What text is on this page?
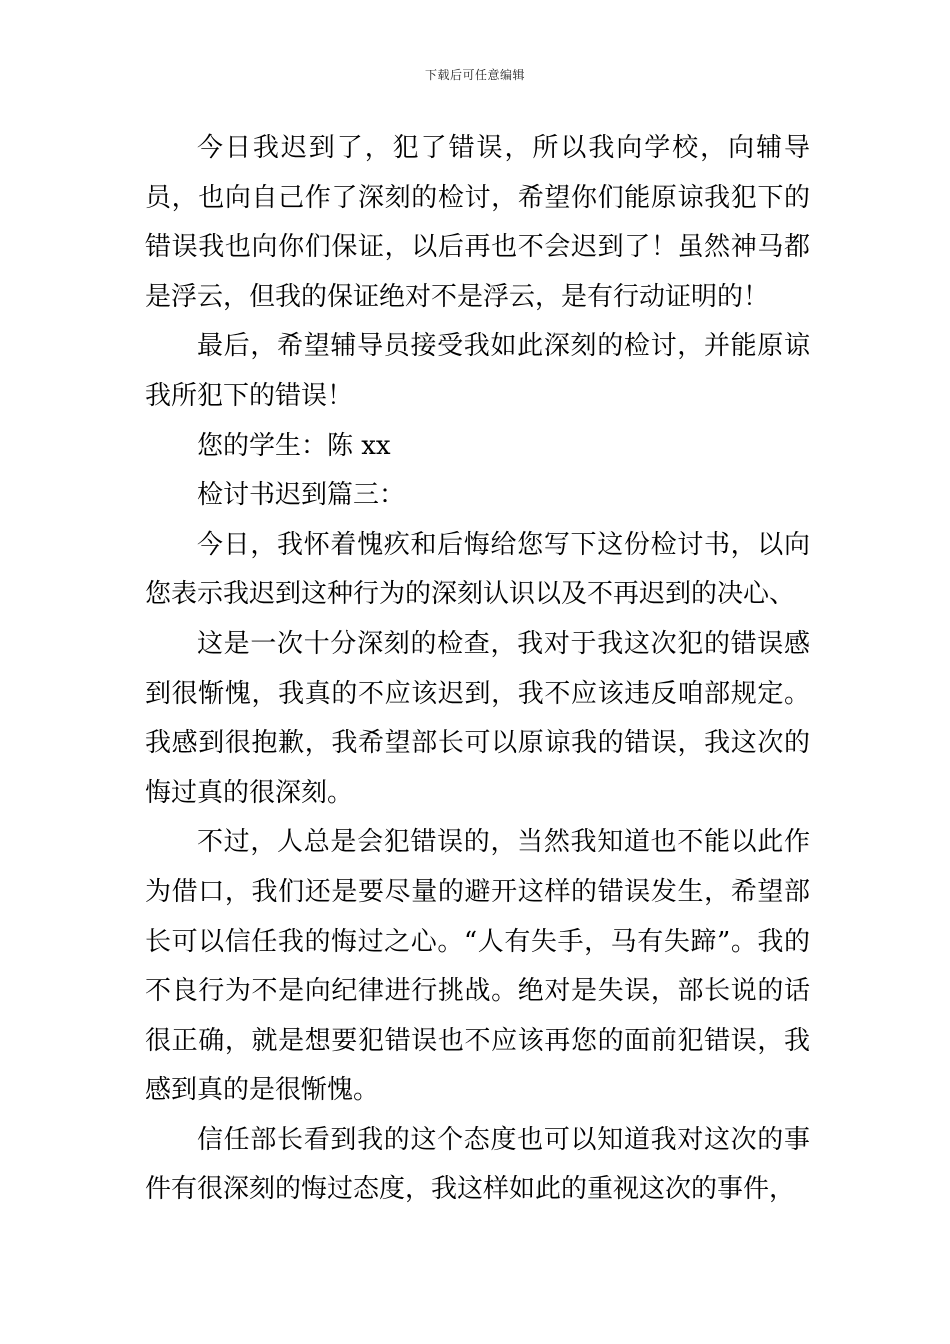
下载后可任意编辑

今日我迟到了，犯了错误，所以我向学校，向辅导员，也向自己作了深刻的检讨，希望你们能原谅我犯下的错误我也向你们保证，以后再也不会迟到了！虽然神马都是浮云，但我的保证绝对不是浮云，是有行动证明的！

最后，希望辅导员接受我如此深刻的检讨，并能原谅我所犯下的错误！

您的学生：陈 xx

检讨书迟到篇三：

今日，我怀着愧疚和后悔给您写下这份检讨书，以向您表示我迟到这种行为的深刻认识以及不再迟到的决心、

这是一次十分深刻的检查，我对于我这次犯的错误感到很惭愧，我真的不应该迟到，我不应该违反咱部规定。我感到很抱歉，我希望部长可以原谅我的错误，我这次的悔过真的很深刻。

不过，人总是会犯错误的，当然我知道也不能以此作为借口，我们还是要尽量的避开这样的错误发生，希望部长可以信任我的悔过之心。“人有失手，马有失蹄”。我的不良行为不是向纪律进行挑战。绝对是失误，部长说的话很正确，就是想要犯错误也不应该再您的面前犯错误，我感到真的是很惭愧。

信任部长看到我的这个态度也可以知道我对这次的事件有很深刻的悔过态度，我这样如此的重视这次的事件，
